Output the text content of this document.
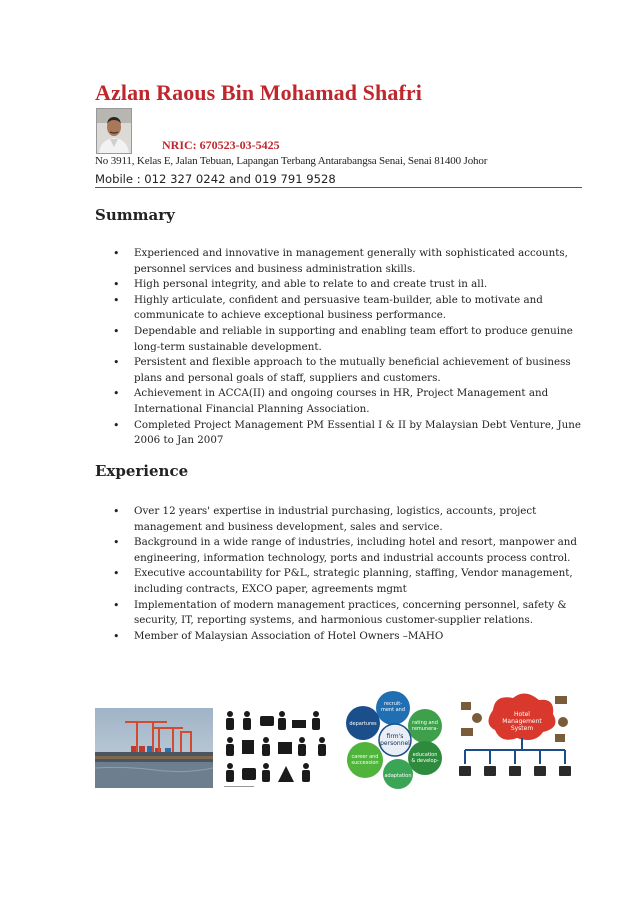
Azlan Raous Bin Mohamad Shafri
NRIC: 670523-03-5425
No 3911, Kelas E, Jalan Tebuan, Lapangan Terbang Antarabangsa Senai, Senai 81400 Johor
Mobile : 012 327 0242 and 019 791 9528
Summary
• Experienced and innovative in management generally with sophisticated accounts, personnel services and business administration skills.
• High personal integrity, and able to relate to and create trust in all.
• Highly articulate, confident and persuasive team-builder, able to motivate and communicate to achieve exceptional business performance.
• Dependable and reliable in supporting and enabling team effort to produce genuine long-term sustainable development.
• Persistent and flexible approach to the mutually beneficial achievement of business plans and personal goals of staff, suppliers and customers.
• Achievement in ACCA(II) and ongoing courses in HR, Project Management and International Financial Planning Association.
• Completed Project Management PM Essential I & II by Malaysian Debt Venture, June 2006 to Jan 2007
Experience
• Over 12 years' expertise in industrial purchasing, logistics, accounts, project management and business development, sales and service.
• Background in a wide range of industries, including hotel and resort, manpower and engineering, information technology, ports and industrial accounts process control.
• Executive accountability for P&L, strategic planning, staffing, Vendor management, including contracts, EXCO paper, agreements mgmt
• Implementation of modern management practices, concerning personnel, safety & security, IT, reporting systems, and harmonious customer-supplier relations.
• Member of Malaysian Association of Hotel Owners –MAHO
firm's
personnel
recruit-
ment and
rating and
remunera-
education
& develop-
adaptation
career and
succession
departures
Hotel
Management
System
